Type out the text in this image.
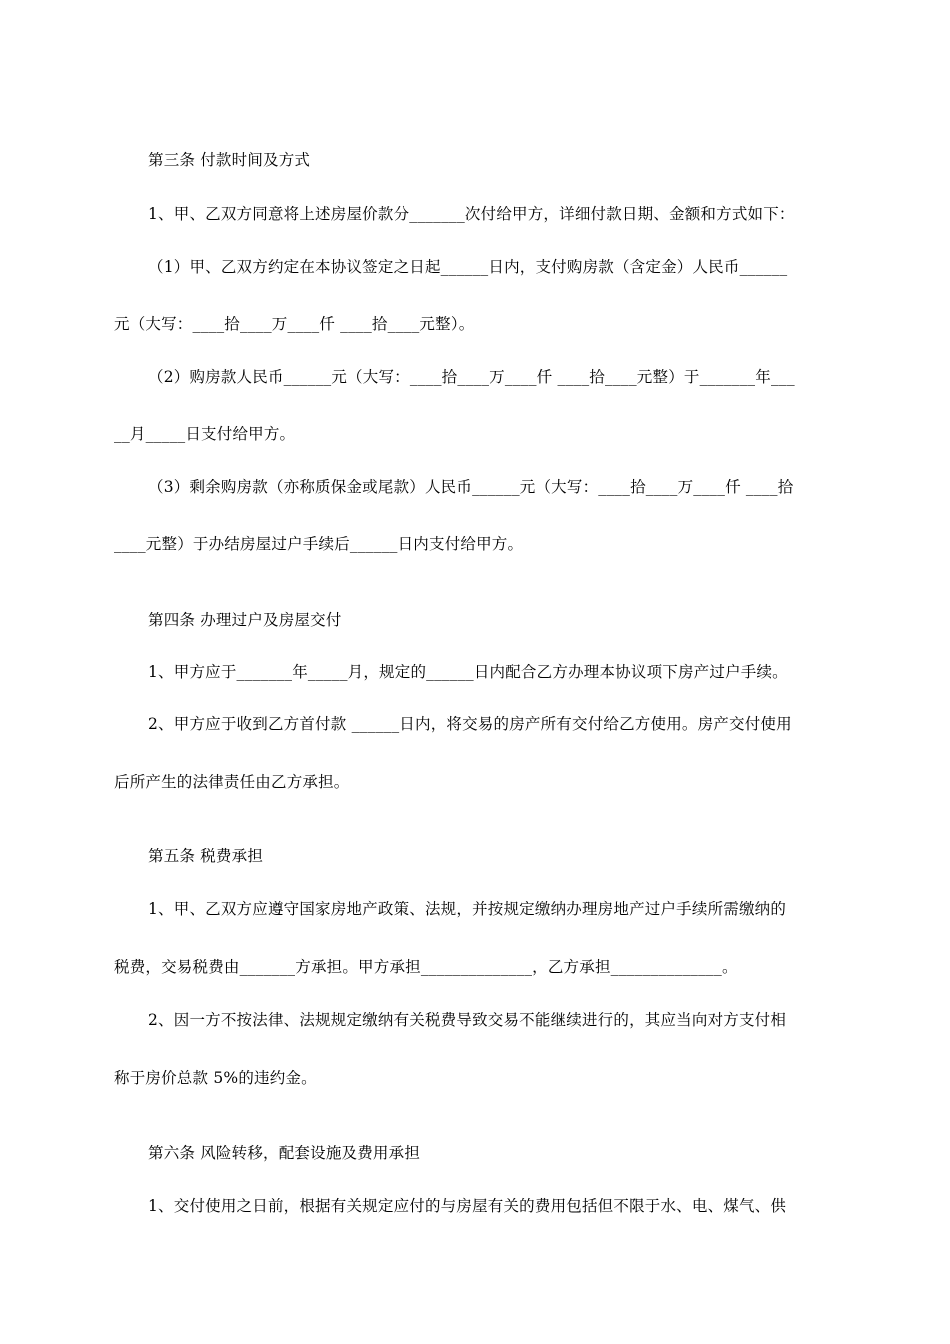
第三条 付款时间及方式
1、甲、乙双方同意将上述房屋价款分_______次付给甲方，详细付款日期、金额和方式如下：
（1）甲、乙双方约定在本协议签定之日起______日内，支付购房款（含定金）人民币______
元（大写：____拾____万____仟 ____拾____元整）。
（2）购房款人民币______元（大写：____拾____万____仟 ____拾____元整）于_______年___
__月_____日支付给甲方。
（3）剩余购房款（亦称质保金或尾款）人民币______元（大写：____拾____万____仟 ____拾
____元整）于办结房屋过户手续后______日内支付给甲方。
第四条 办理过户及房屋交付
1、甲方应于_______年_____月，规定的______日内配合乙方办理本协议项下房产过户手续。
2、甲方应于收到乙方首付款 ______日内，将交易的房产所有交付给乙方使用。房产交付使用
后所产生的法律责任由乙方承担。
第五条 税费承担
1、甲、乙双方应遵守国家房地产政策、法规，并按规定缴纳办理房地产过户手续所需缴纳的
税费，交易税费由_______方承担。甲方承担______________，乙方承担______________。
2、因一方不按法律、法规规定缴纳有关税费导致交易不能继续进行的，其应当向对方支付相
称于房价总款 5%的违约金。
第六条 风险转移，配套设施及费用承担
1、交付使用之日前，根据有关规定应付的与房屋有关的费用包括但不限于水、电、煤气、供
